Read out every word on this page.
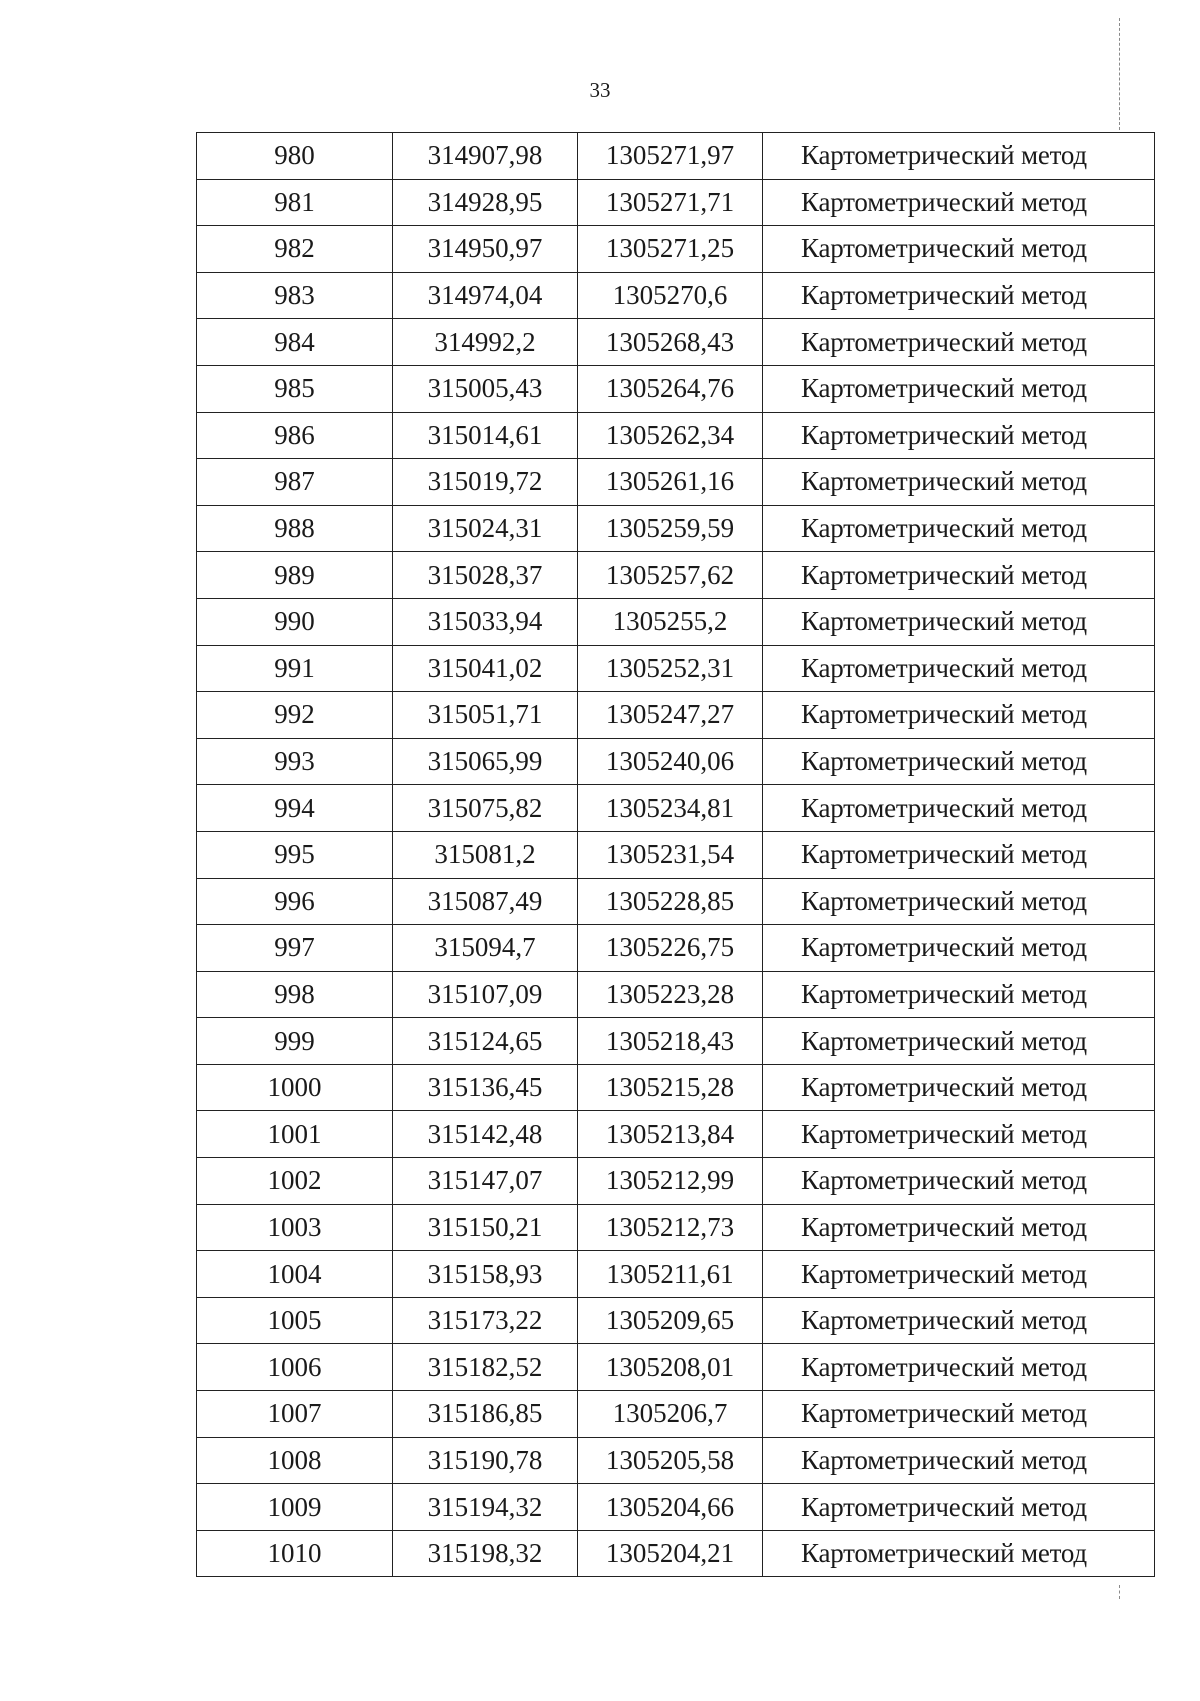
33
980	314907,98	1305271,97	Картометрический метод
981	314928,95	1305271,71	Картометрический метод
982	314950,97	1305271,25	Картометрический метод
983	314974,04	1305270,6	Картометрический метод
984	314992,2	1305268,43	Картометрический метод
985	315005,43	1305264,76	Картометрический метод
986	315014,61	1305262,34	Картометрический метод
987	315019,72	1305261,16	Картометрический метод
988	315024,31	1305259,59	Картометрический метод
989	315028,37	1305257,62	Картометрический метод
990	315033,94	1305255,2	Картометрический метод
991	315041,02	1305252,31	Картометрический метод
992	315051,71	1305247,27	Картометрический метод
993	315065,99	1305240,06	Картометрический метод
994	315075,82	1305234,81	Картометрический метод
995	315081,2	1305231,54	Картометрический метод
996	315087,49	1305228,85	Картометрический метод
997	315094,7	1305226,75	Картометрический метод
998	315107,09	1305223,28	Картометрический метод
999	315124,65	1305218,43	Картометрический метод
1000	315136,45	1305215,28	Картометрический метод
1001	315142,48	1305213,84	Картометрический метод
1002	315147,07	1305212,99	Картометрический метод
1003	315150,21	1305212,73	Картометрический метод
1004	315158,93	1305211,61	Картометрический метод
1005	315173,22	1305209,65	Картометрический метод
1006	315182,52	1305208,01	Картометрический метод
1007	315186,85	1305206,7	Картометрический метод
1008	315190,78	1305205,58	Картометрический метод
1009	315194,32	1305204,66	Картометрический метод
1010	315198,32	1305204,21	Картометрический метод
